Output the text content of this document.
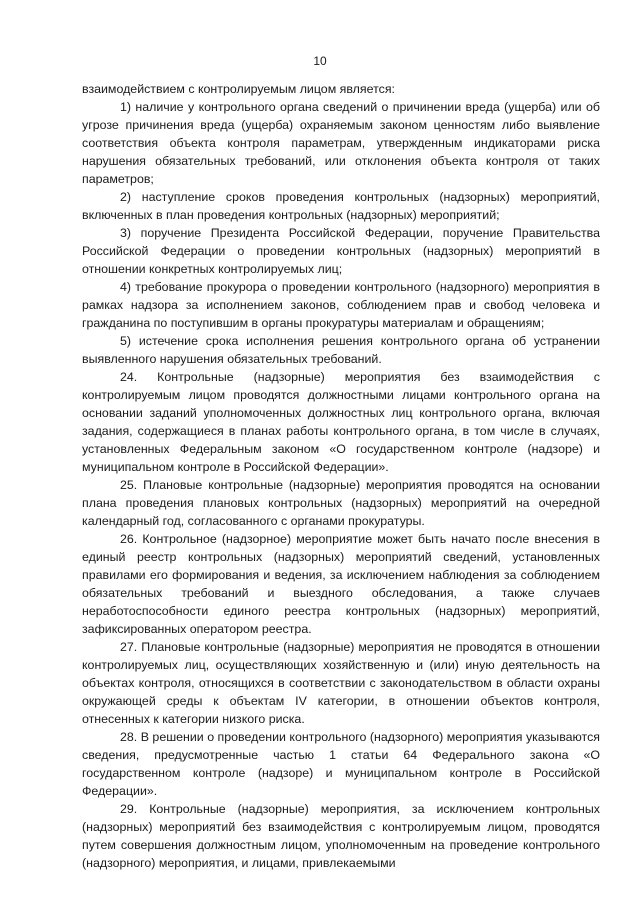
10

взаимодействием с контролируемым лицом является:

1) наличие у контрольного органа сведений о причинении вреда (ущерба) или об угрозе причинения вреда (ущерба) охраняемым законом ценностям либо выявление соответствия объекта контроля параметрам, утвержденным индикаторами риска нарушения обязательных требований, или отклонения объекта контроля от таких параметров;

2) наступление сроков проведения контрольных (надзорных) мероприятий, включенных в план проведения контрольных (надзорных) мероприятий;

3) поручение Президента Российской Федерации, поручение Правительства Российской Федерации о проведении контрольных (надзорных) мероприятий в отношении конкретных контролируемых лиц;

4) требование прокурора о проведении контрольного (надзорного) мероприятия в рамках надзора за исполнением законов, соблюдением прав и свобод человека и гражданина по поступившим в органы прокуратуры материалам и обращениям;

5) истечение срока исполнения решения контрольного органа об устранении выявленного нарушения обязательных требований.

24. Контрольные (надзорные) мероприятия без взаимодействия с контролируемым лицом проводятся должностными лицами контрольного органа на основании заданий уполномоченных должностных лиц контрольного органа, включая задания, содержащиеся в планах работы контрольного органа, в том числе в случаях, установленных Федеральным законом «О государственном контроле (надзоре) и муниципальном контроле в Российской Федерации».

25. Плановые контрольные (надзорные) мероприятия проводятся на основании плана проведения плановых контрольных (надзорных) мероприятий на очередной календарный год, согласованного с органами прокуратуры.

26. Контрольное (надзорное) мероприятие может быть начато после внесения в единый реестр контрольных (надзорных) мероприятий сведений, установленных правилами его формирования и ведения, за исключением наблюдения за соблюдением обязательных требований и выездного обследования, а также случаев неработоспособности единого реестра контрольных (надзорных) мероприятий, зафиксированных оператором реестра.

27. Плановые контрольные (надзорные) мероприятия не проводятся в отношении контролируемых лиц, осуществляющих хозяйственную и (или) иную деятельность на объектах контроля, относящихся в соответствии с законодательством в области охраны окружающей среды к объектам IV категории, в отношении объектов контроля, отнесенных к категории низкого риска.

28. В решении о проведении контрольного (надзорного) мероприятия указываются сведения, предусмотренные частью 1 статьи 64 Федерального закона «О государственном контроле (надзоре) и муниципальном контроле в Российской Федерации».

29. Контрольные (надзорные) мероприятия, за исключением контрольных (надзорных) мероприятий без взаимодействия с контролируемым лицом, проводятся путем совершения должностным лицом, уполномоченным на проведение контрольного (надзорного) мероприятия, и лицами, привлекаемыми
